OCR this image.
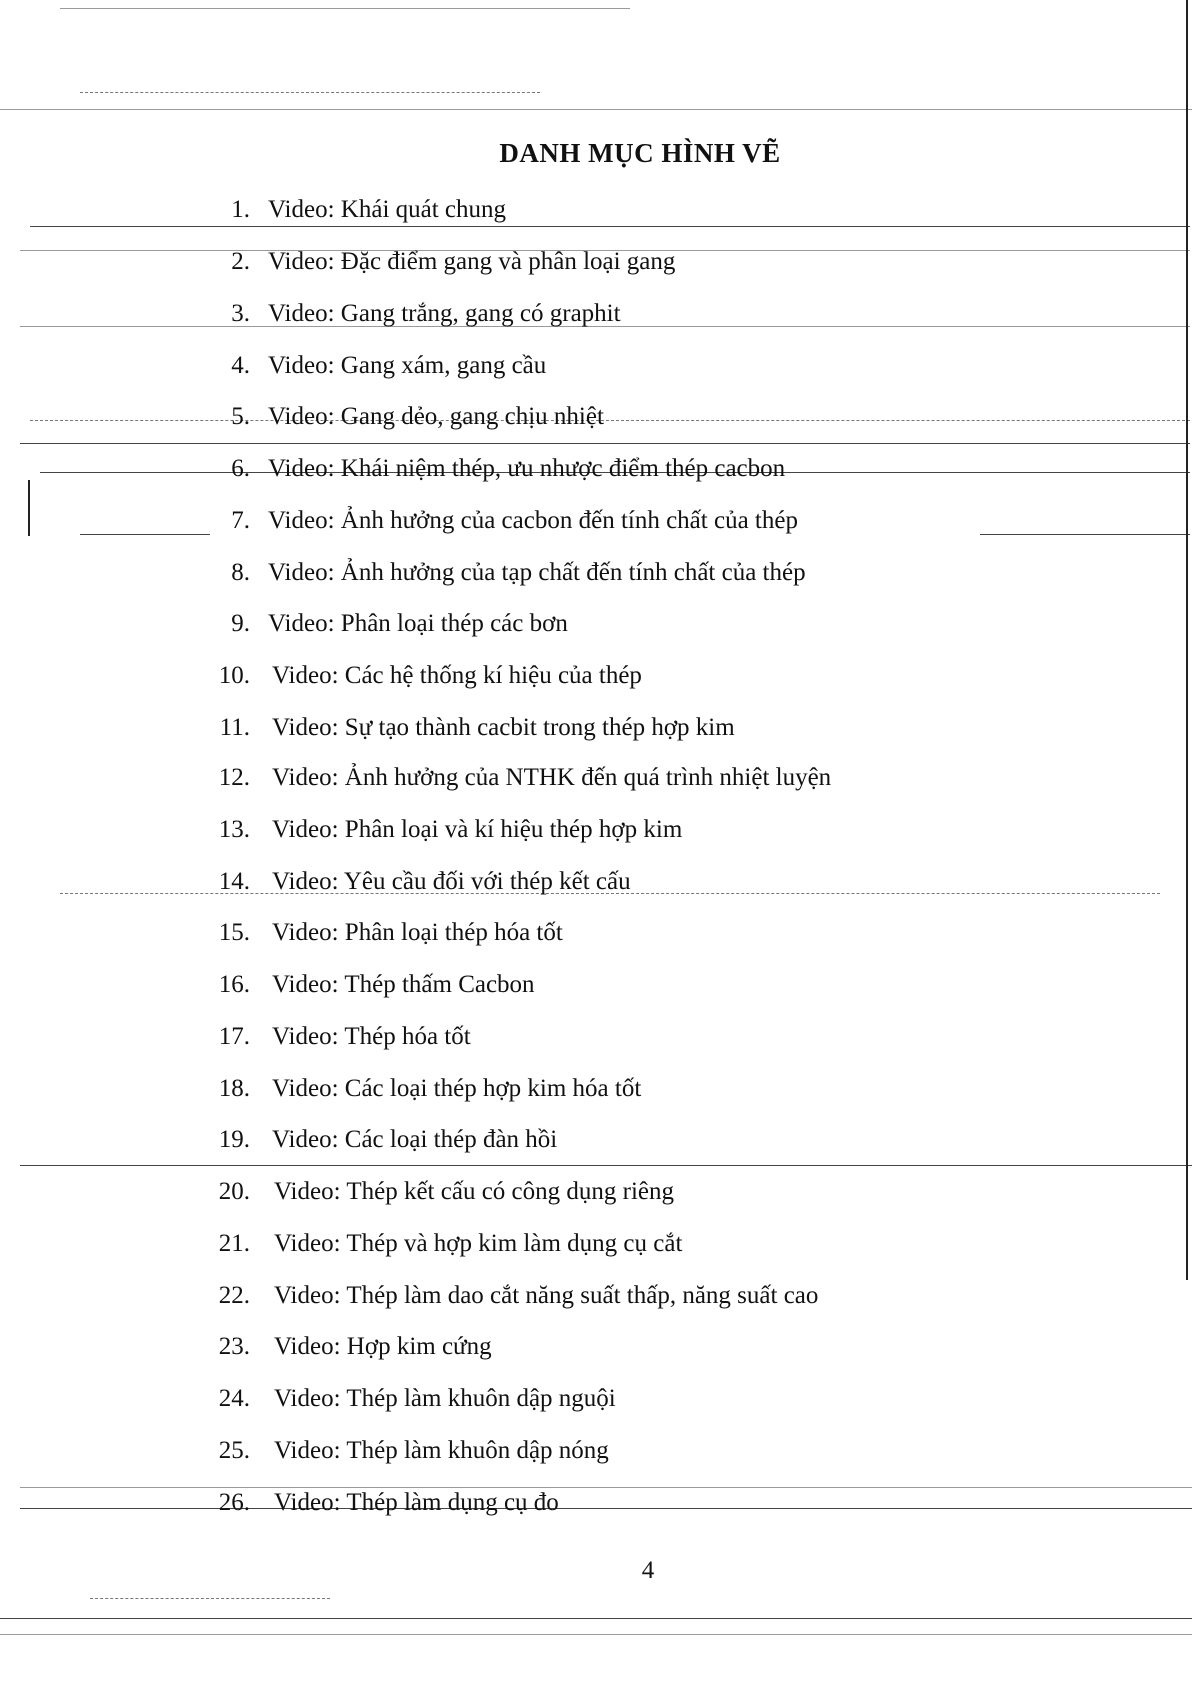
DANH MỤC HÌNH VẼ
1. Video: Khái quát chung
2. Video: Đặc điểm gang và phân loại gang
3. Video: Gang trắng, gang có graphit
4. Video: Gang xám, gang cầu
5. Video: Gang dẻo, gang chịu nhiệt
6. Video: Khái niệm thép, ưu nhược điểm thép cacbon
7. Video: Ảnh hưởng của cacbon đến tính chất của thép
8. Video: Ảnh hưởng của tạp chất đến tính chất của thép
9. Video: Phân loại thép các bơn
10. Video: Các hệ thống kí hiệu của thép
11. Video: Sự tạo thành cacbit trong thép hợp kim
12. Video: Ảnh hưởng của NTHK đến quá trình nhiệt luyện
13. Video: Phân loại và kí hiệu thép hợp kim
14. Video: Yêu cầu đối với thép kết cấu
15. Video: Phân loại thép hóa tốt
16. Video: Thép thấm Cacbon
17. Video: Thép hóa tốt
18. Video: Các loại thép hợp kim hóa tốt
19. Video: Các loại thép đàn hồi
20. Video: Thép kết cấu có công dụng riêng
21. Video: Thép và hợp kim làm dụng cụ cắt
22. Video: Thép làm dao cắt năng suất thấp, năng suất cao
23. Video: Hợp kim cứng
24. Video: Thép làm khuôn dập nguội
25. Video: Thép làm khuôn dập nóng
26. Video: Thép làm dụng cụ đo
4
